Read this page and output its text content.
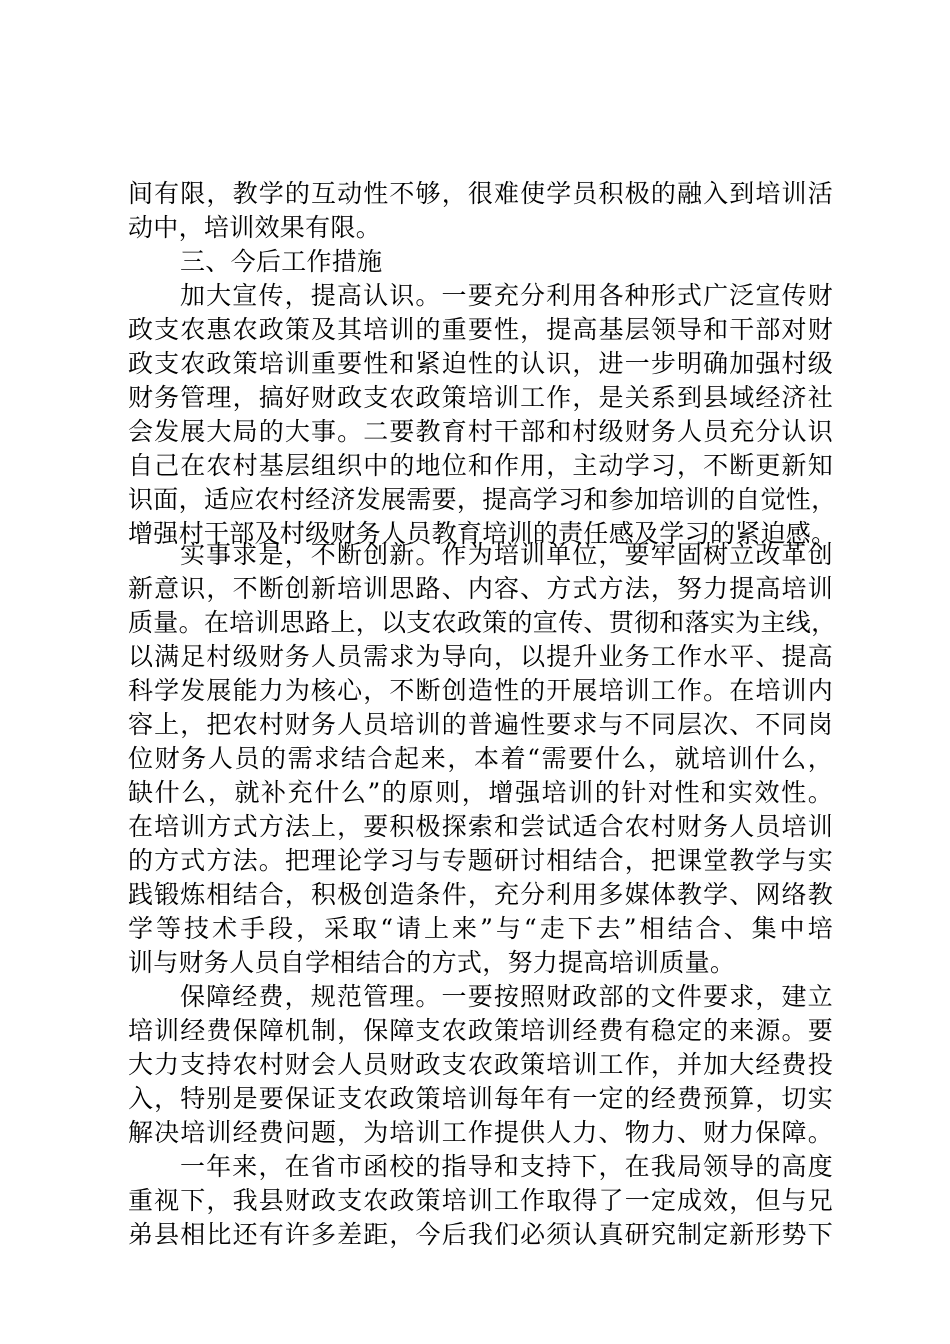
间有限，教学的互动性不够，很难使学员积极的融入到培训活
动中，培训效果有限。
三、今后工作措施
加大宣传，提高认识。一要充分利用各种形式广泛宣传财
政支农惠农政策及其培训的重要性，提高基层领导和干部对财
政支农政策培训重要性和紧迫性的认识，进一步明确加强村级
财务管理，搞好财政支农政策培训工作，是关系到县域经济社
会发展大局的大事。二要教育村干部和村级财务人员充分认识
自己在农村基层组织中的地位和作用，主动学习，不断更新知
识面，适应农村经济发展需要，提高学习和参加培训的自觉性，
增强村干部及村级财务人员教育培训的责任感及学习的紧迫感。
实事求是，不断创新。作为培训单位，要牢固树立改革创
新意识，不断创新培训思路、内容、方式方法，努力提高培训
质量。在培训思路上，以支农政策的宣传、贯彻和落实为主线，
以满足村级财务人员需求为导向，以提升业务工作水平、提高
科学发展能力为核心，不断创造性的开展培训工作。在培训内
容上，把农村财务人员培训的普遍性要求与不同层次、不同岗
位财务人员的需求结合起来，本着“需要什么，就培训什么，
缺什么，就补充什么”的原则，增强培训的针对性和实效性。
在培训方式方法上，要积极探索和尝试适合农村财务人员培训
的方式方法。把理论学习与专题研讨相结合，把课堂教学与实
践锻炼相结合，积极创造条件，充分利用多媒体教学、网络教
学等技术手段，采取“请上来”与“走下去”相结合、集中培
训与财务人员自学相结合的方式，努力提高培训质量。
保障经费，规范管理。一要按照财政部的文件要求，建立
培训经费保障机制，保障支农政策培训经费有稳定的来源。要
大力支持农村财会人员财政支农政策培训工作，并加大经费投
入，特别是要保证支农政策培训每年有一定的经费预算，切实
解决培训经费问题，为培训工作提供人力、物力、财力保障。
一年来，在省市函校的指导和支持下，在我局领导的高度
重视下，我县财政支农政策培训工作取得了一定成效，但与兄
弟县相比还有许多差距，今后我们必须认真研究制定新形势下
